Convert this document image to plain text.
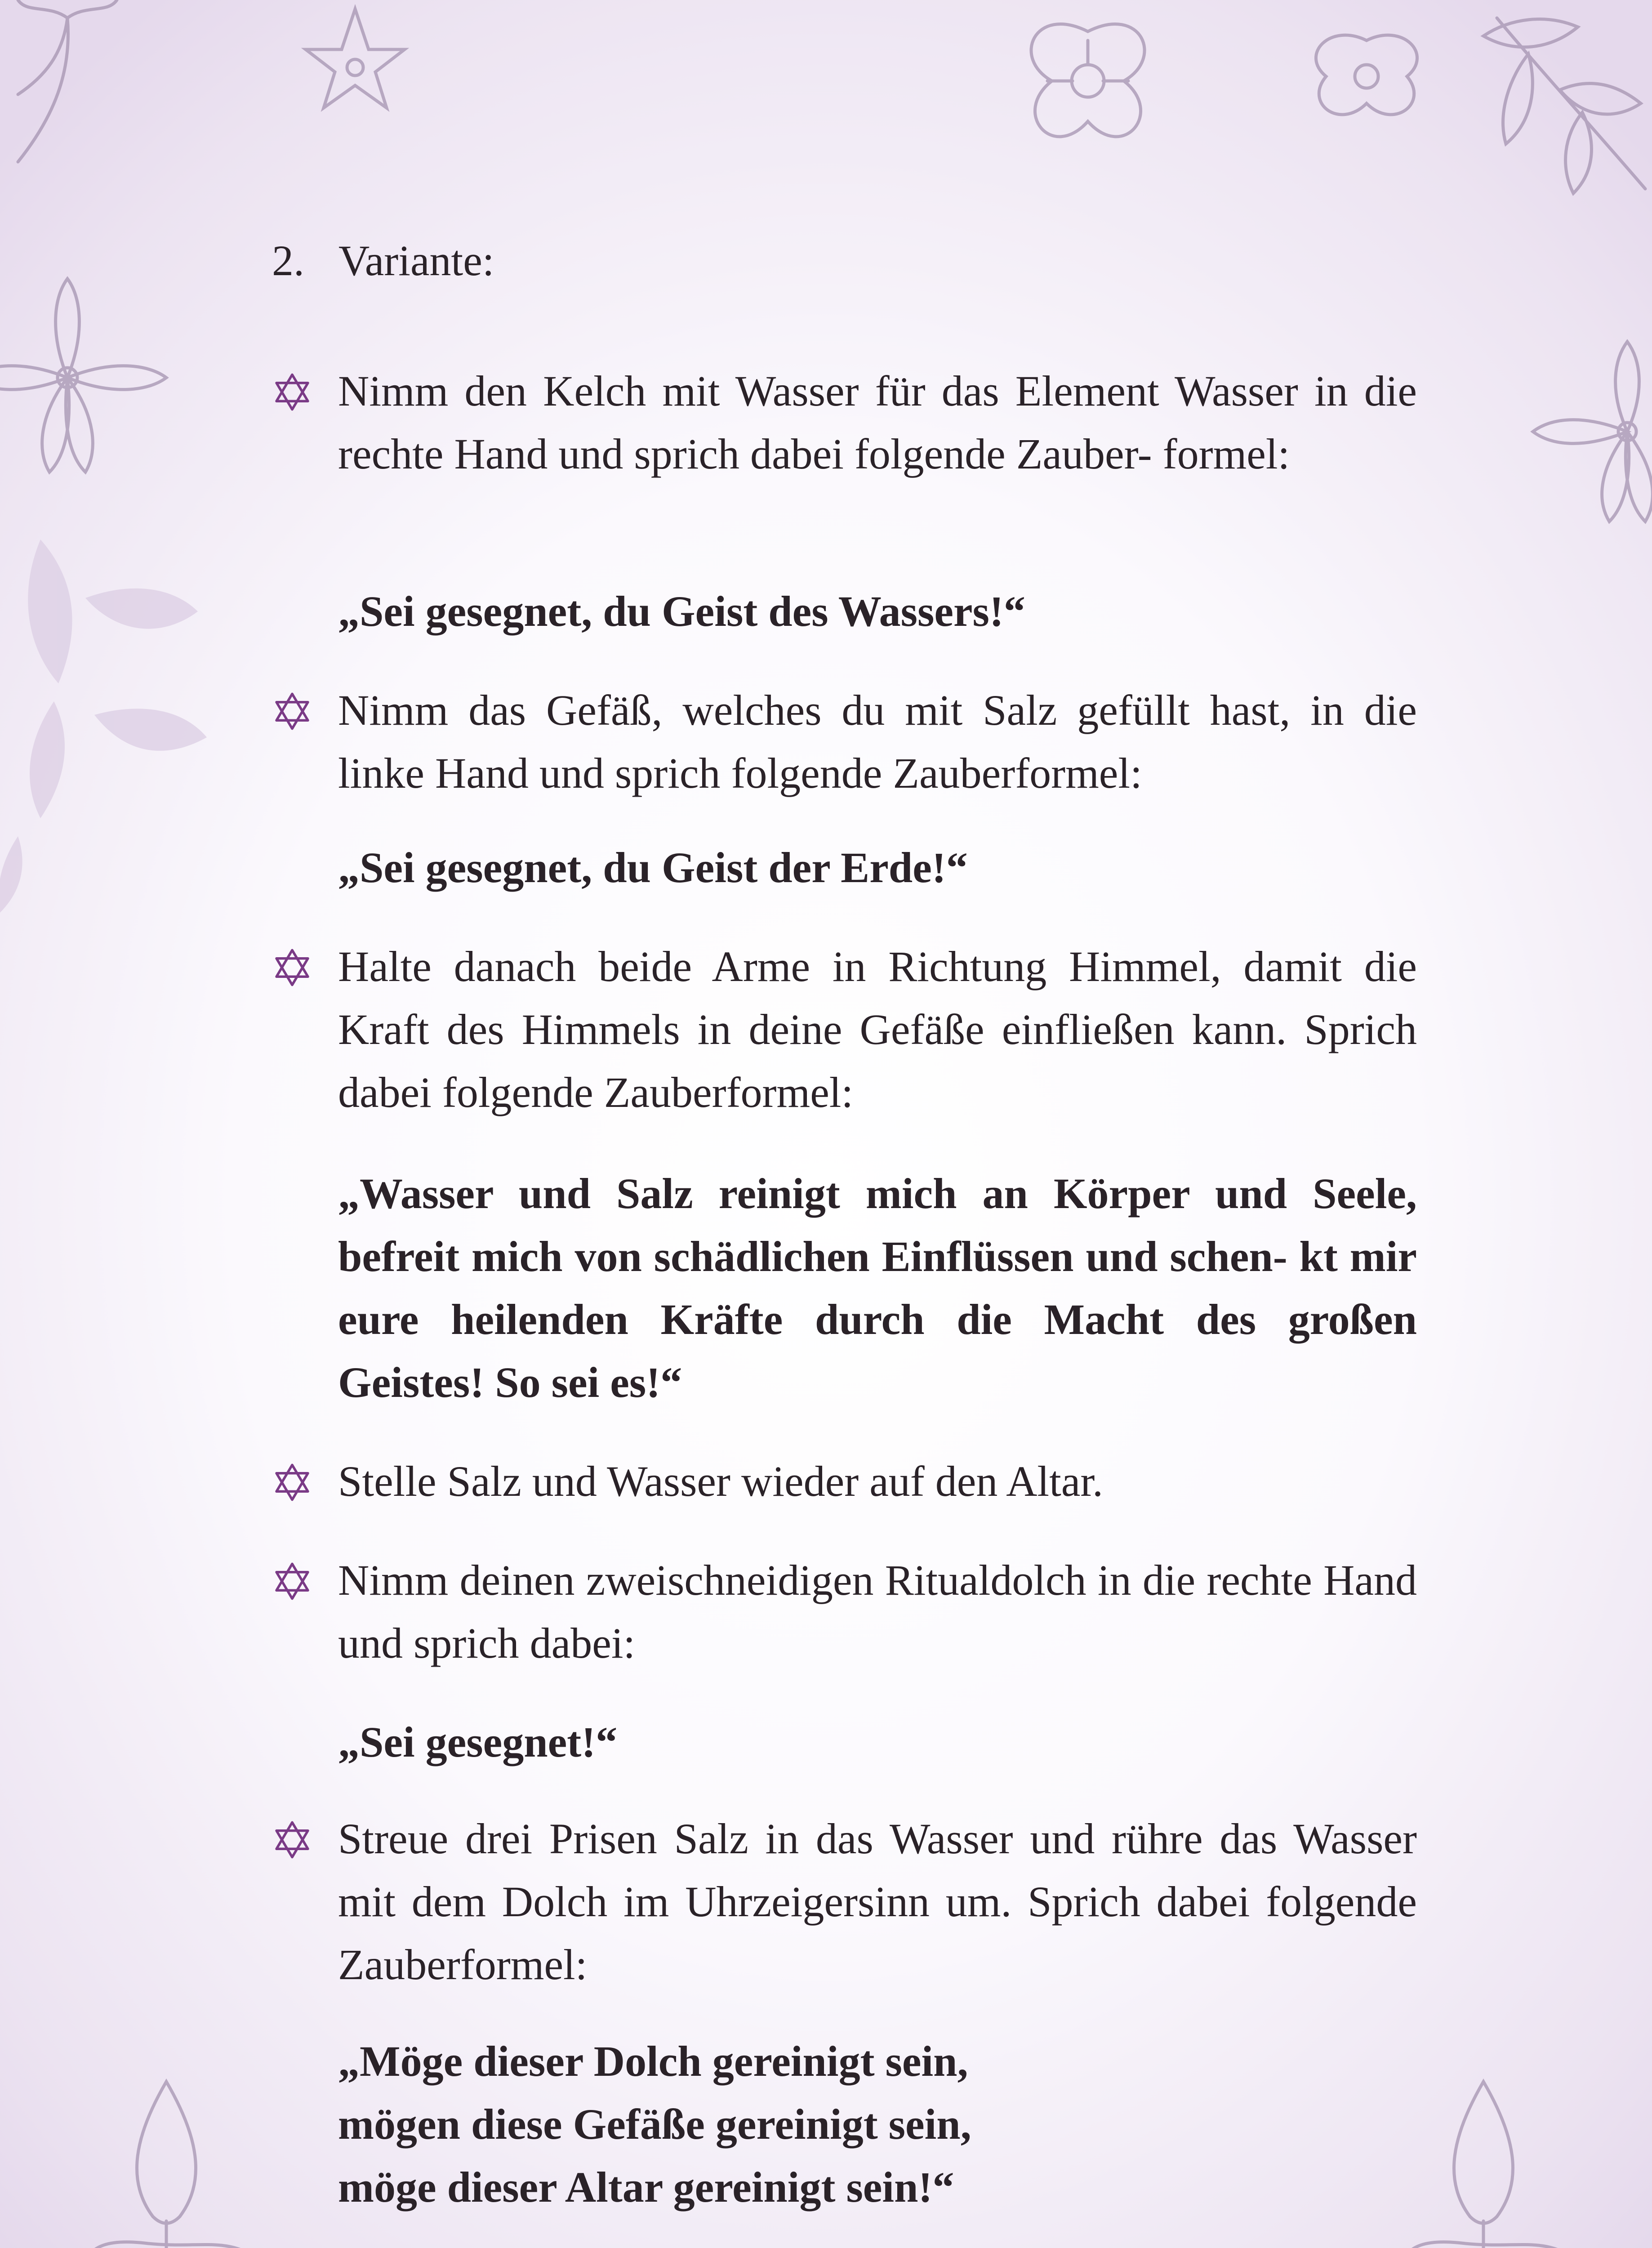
2. Variante:
Nimm den Kelch mit Wasser für das Element Wasser in die rechte Hand und sprich dabei folgende Zauber- formel:
„Sei gesegnet, du Geist des Wassers!“
Nimm das Gefäß, welches du mit Salz gefüllt hast, in die linke Hand und sprich folgende Zauberformel:
„Sei gesegnet, du Geist der Erde!“
Halte danach beide Arme in Richtung Himmel, damit die Kraft des Himmels in deine Gefäße einfließen kann. Sprich dabei folgende Zauberformel:
„Wasser und Salz reinigt mich an Körper und Seele, befreit mich von schädlichen Einflüssen und schen- kt mir eure heilenden Kräfte durch die Macht des großen Geistes! So sei es!“
Stelle Salz und Wasser wieder auf den Altar.
Nimm deinen zweischneidigen Ritualdolch in die rechte Hand und sprich dabei:
„Sei gesegnet!“
Streue drei Prisen Salz in das Wasser und rühre das Wasser mit dem Dolch im Uhrzeigersinn um. Sprich dabei folgende Zauberformel:
„Möge dieser Dolch gereinigt sein,
mögen diese Gefäße gereinigt sein,
möge dieser Altar gereinigt sein!“
